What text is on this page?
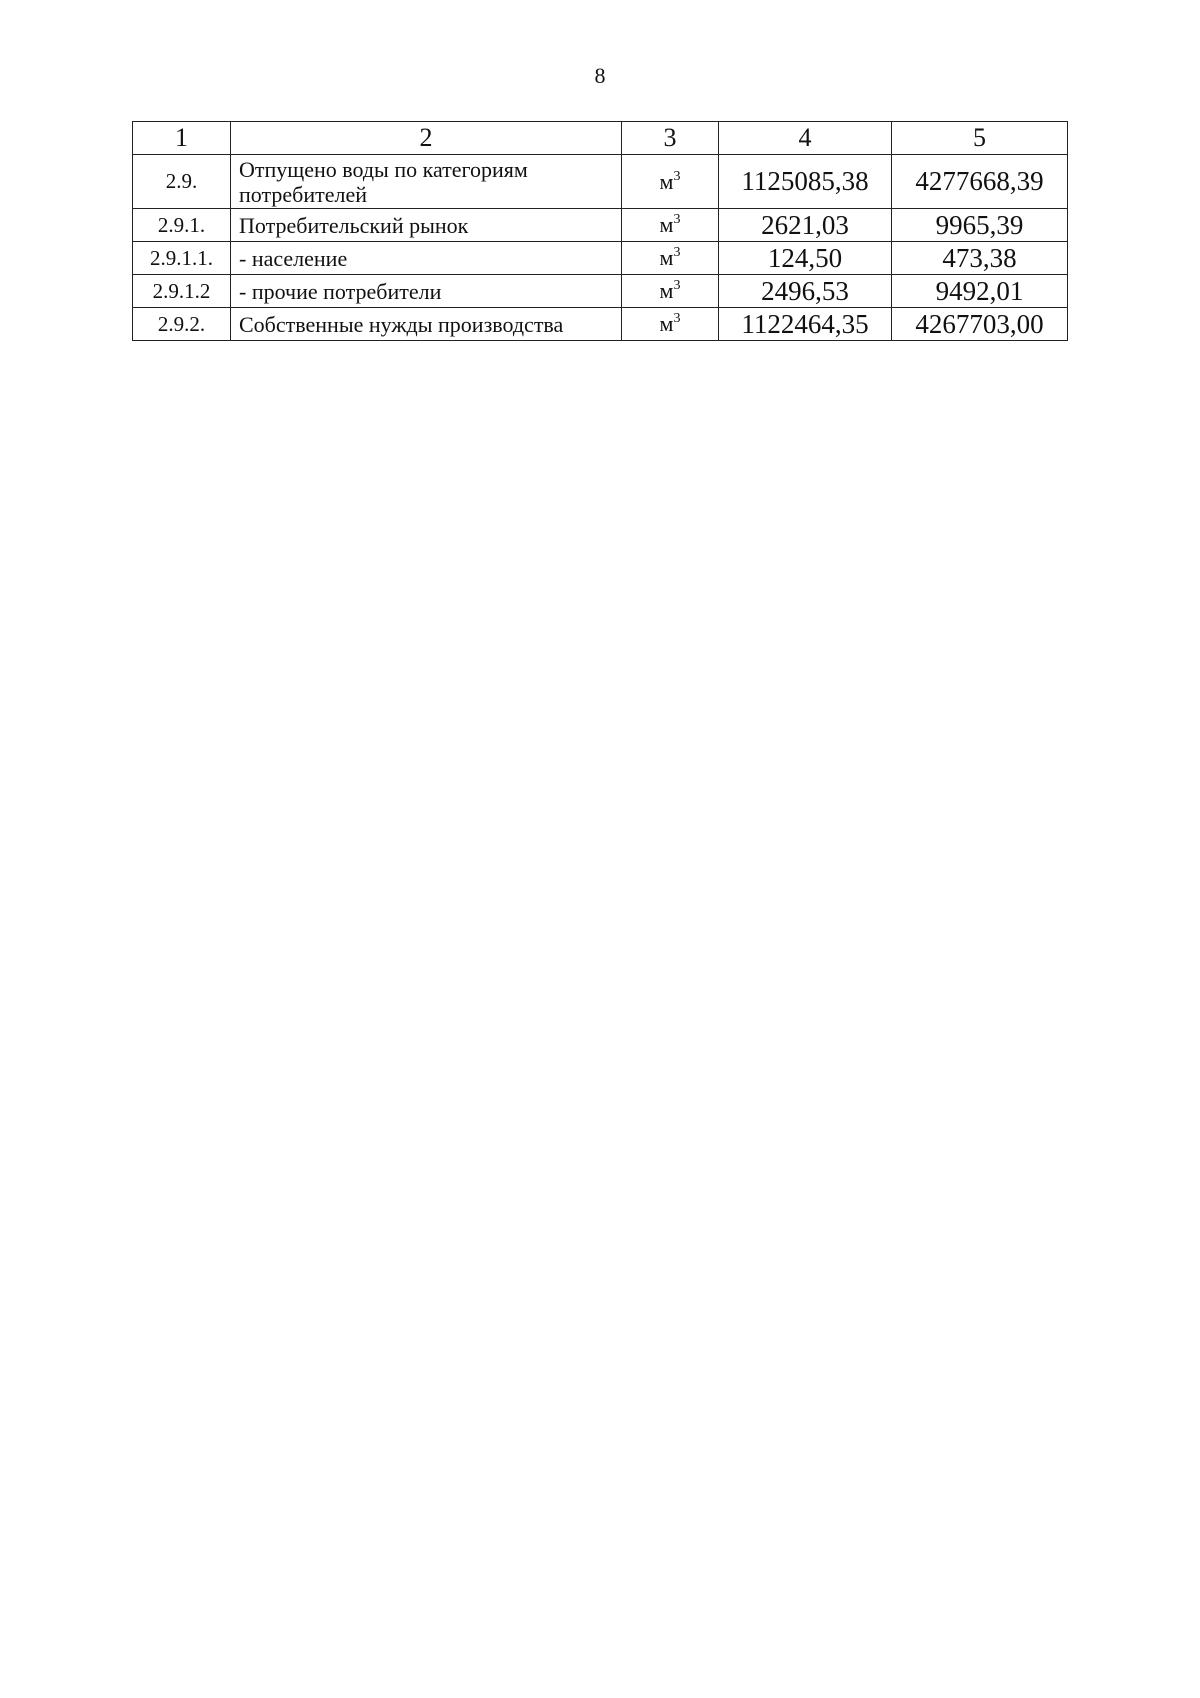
8
1	2	3	4	5
2.9.	Отпущено воды по категориям потребителей	$м^3$	1125085,38	4277668,39
2.9.1.	Потребительский рынок	$м^3$	2621,03	9965,39
2.9.1.1.	- население	$м^3$	124,50	473,38
2.9.1.2	- прочие потребители	$м^3$	2496,53	9492,01
2.9.2.	Собственные нужды производства	$м^3$	1122464,35	4267703,00
